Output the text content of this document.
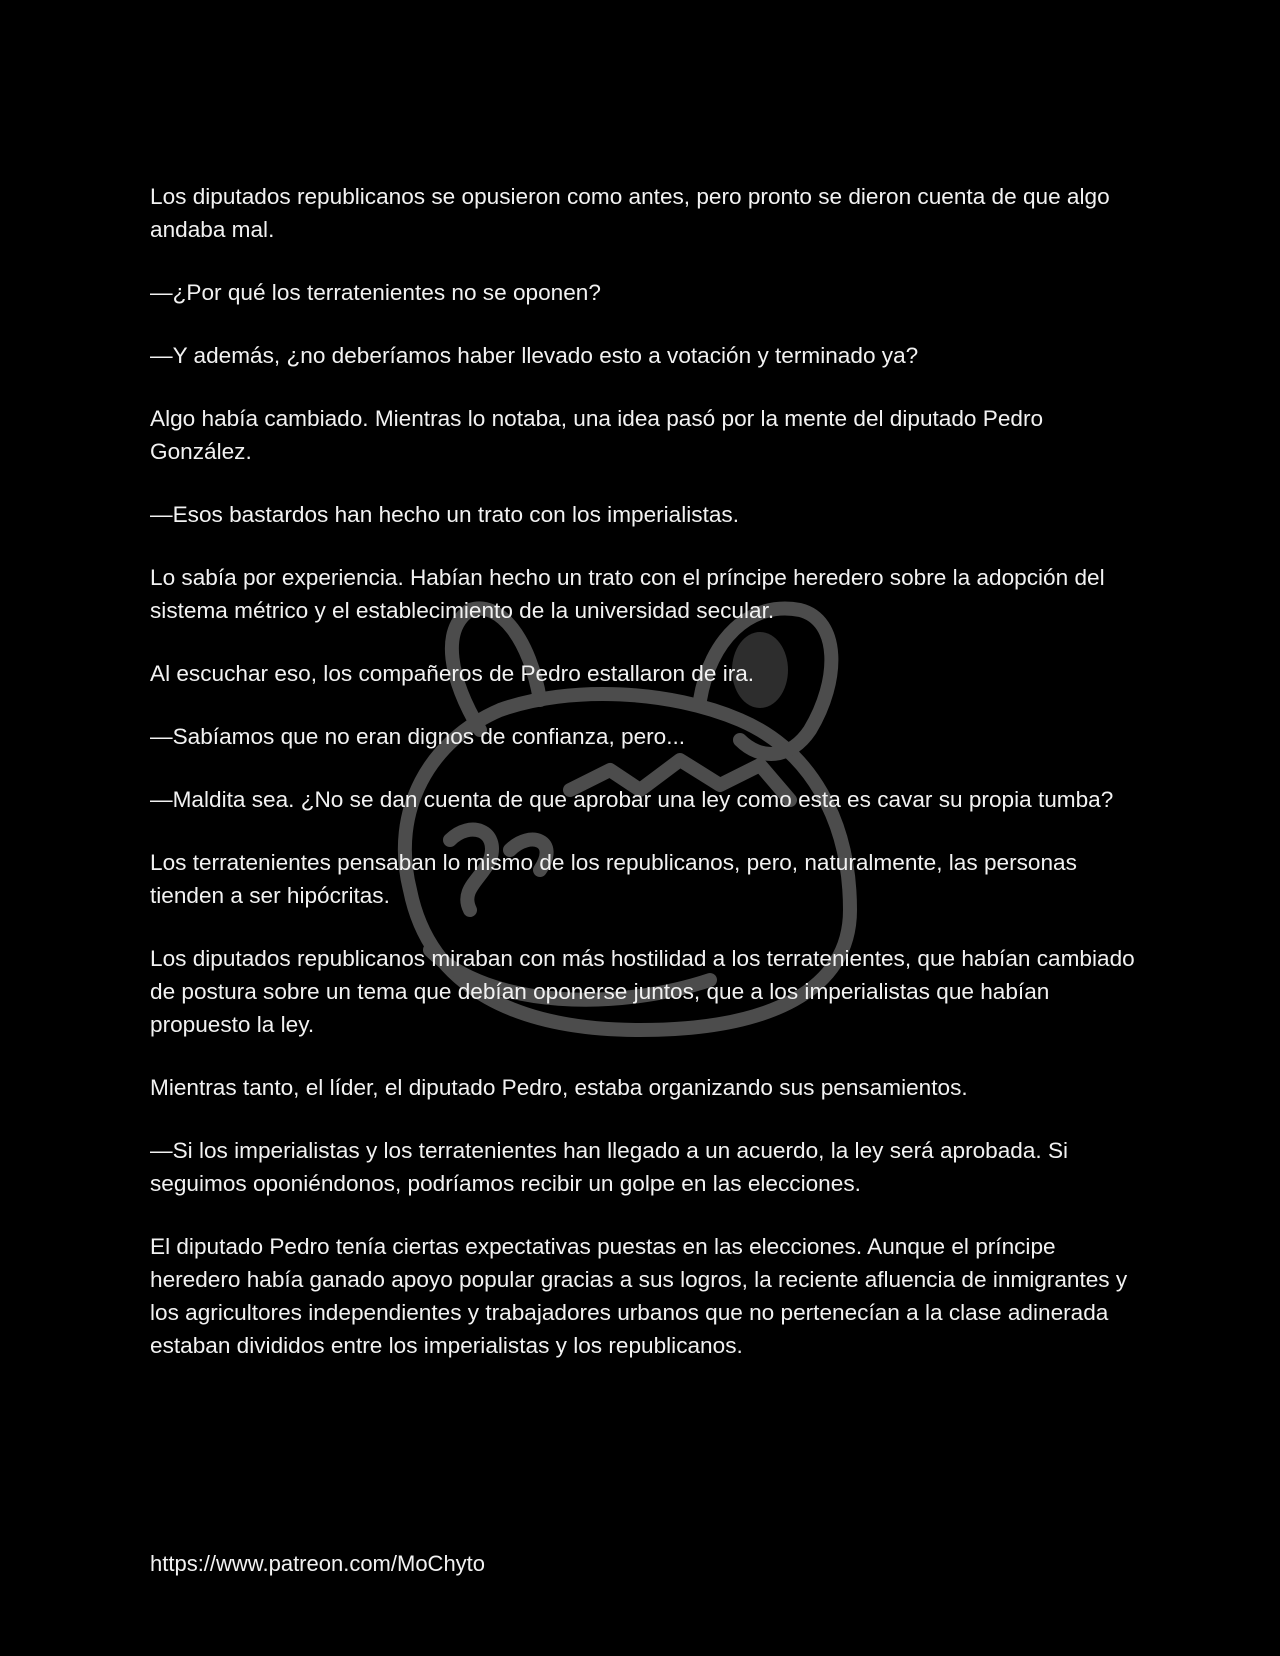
Los diputados republicanos se opusieron como antes, pero pronto se dieron cuenta de que algo andaba mal.

—¿Por qué los terratenientes no se oponen?

—Y además, ¿no deberíamos haber llevado esto a votación y terminado ya?

Algo había cambiado. Mientras lo notaba, una idea pasó por la mente del diputado Pedro González.

—Esos bastardos han hecho un trato con los imperialistas.

Lo sabía por experiencia. Habían hecho un trato con el príncipe heredero sobre la adopción del sistema métrico y el establecimiento de la universidad secular.

Al escuchar eso, los compañeros de Pedro estallaron de ira.

—Sabíamos que no eran dignos de confianza, pero...

—Maldita sea. ¿No se dan cuenta de que aprobar una ley como esta es cavar su propia tumba?

Los terratenientes pensaban lo mismo de los republicanos, pero, naturalmente, las personas tienden a ser hipócritas.

Los diputados republicanos miraban con más hostilidad a los terratenientes, que habían cambiado de postura sobre un tema que debían oponerse juntos, que a los imperialistas que habían propuesto la ley.

Mientras tanto, el líder, el diputado Pedro, estaba organizando sus pensamientos.

—Si los imperialistas y los terratenientes han llegado a un acuerdo, la ley será aprobada. Si seguimos oponiéndonos, podríamos recibir un golpe en las elecciones.

El diputado Pedro tenía ciertas expectativas puestas en las elecciones. Aunque el príncipe heredero había ganado apoyo popular gracias a sus logros, la reciente afluencia de inmigrantes y los agricultores independientes y trabajadores urbanos que no pertenecían a la clase adinerada estaban divididos entre los imperialistas y los republicanos.

https://www.patreon.com/MoChyto
